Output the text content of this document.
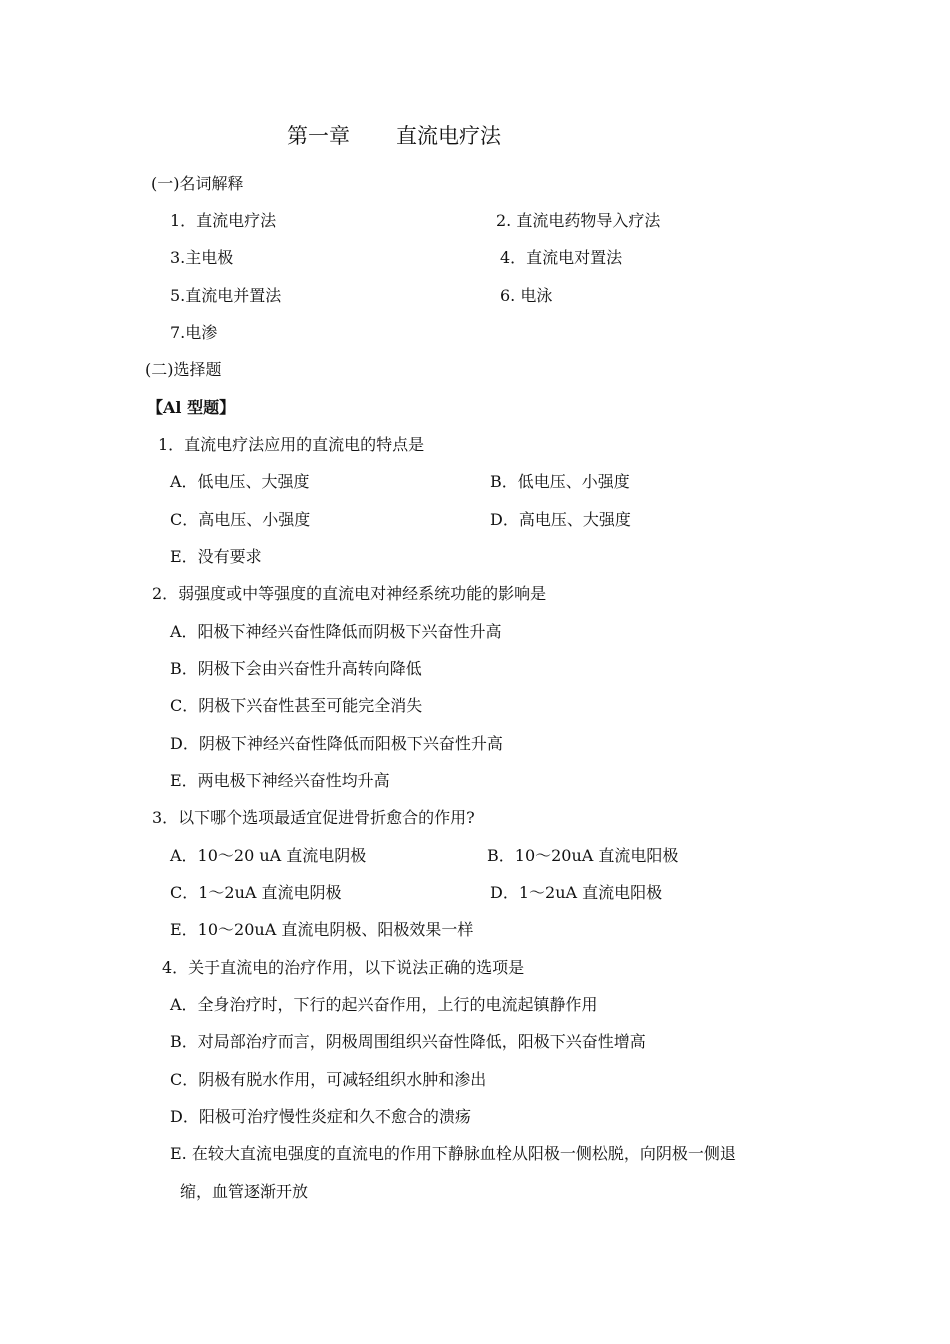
第一章 直流电疗法
(一)名词解释
1．直流电疗法	2. 直流电药物导入疗法
3.主电极	4．直流电对置法
5.直流电并置法	6. 电泳
7.电渗
(二)选择题
【Al 型题】
1．直流电疗法应用的直流电的特点是
A．低电压、大强度	B．低电压、小强度
C．高电压、小强度	D．高电压、大强度
E．没有要求
2．弱强度或中等强度的直流电对神经系统功能的影响是
A．阳极下神经兴奋性降低而阴极下兴奋性升高
B．阴极下会由兴奋性升高转向降低
C．阴极下兴奋性甚至可能完全消失
D．阴极下神经兴奋性降低而阳极下兴奋性升高
E．两电极下神经兴奋性均升高
3．以下哪个选项最适宜促进骨折愈合的作用?
A．10～20 uA 直流电阴极	B．10～20uA 直流电阳极
C．1～2uA 直流电阴极	D．1～2uA 直流电阳极
E．10～20uA 直流电阴极、阳极效果一样
4．关于直流电的治疗作用，以下说法正确的选项是
A．全身治疗时，下行的起兴奋作用，上行的电流起镇静作用
B．对局部治疗而言，阴极周围组织兴奋性降低，阳极下兴奋性增高
C．阴极有脱水作用，可减轻组织水肿和渗出
D．阳极可治疗慢性炎症和久不愈合的溃疡
E. 在较大直流电强度的直流电的作用下静脉血栓从阳极一侧松脱，向阴极一侧退
缩，血管逐渐开放
